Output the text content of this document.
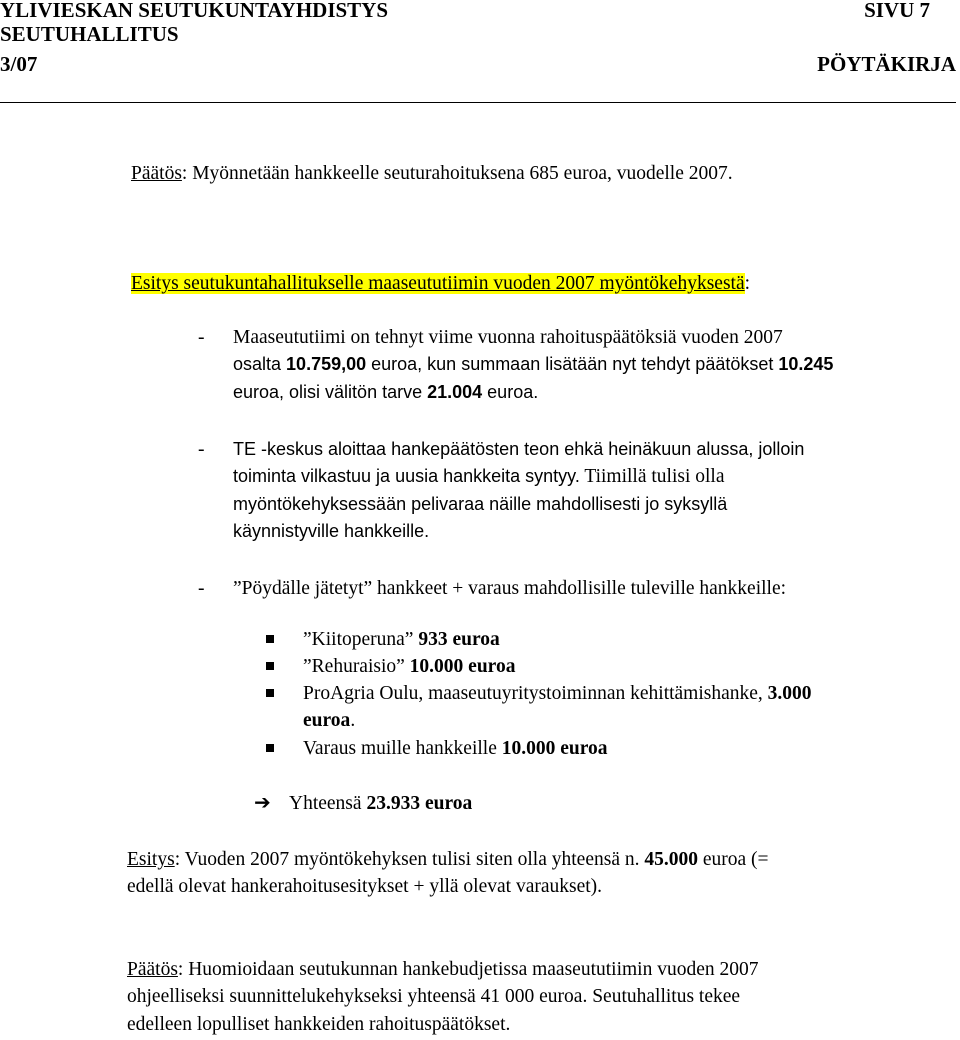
YLIVIESKAN SEUTUKUNTAYHDISTYS	SIVU 7
SEUTUHALLITUS
3/07	PÖYTÄKIRJA
Päätös: Myönnetään hankkeelle seuturahoituksena 685 euroa, vuodelle 2007.
Esitys seutukuntahallitukselle maaseututiimin vuoden 2007 myöntökehyksestä:
- Maaseututiimi on tehnyt viime vuonna rahoituspäätöksiä vuoden 2007
osalta 10.759,00 euroa, kun summaan lisätään nyt tehdyt päätökset 10.245
euroa, olisi välitön tarve 21.004 euroa.
- TE -keskus aloittaa hankepäätösten teon ehkä heinäkuun alussa, jolloin
toiminta vilkastuu ja uusia hankkeita syntyy. Tiimillä tulisi olla
myöntökehyksessään pelivaraa näille mahdollisesti jo syksyllä
käynnistyville hankkeille.
- ”Pöydälle jätetyt” hankkeet + varaus mahdollisille tuleville hankkeille:
”Kiitoperuna” 933 euroa
”Rehuraisio” 10.000 euroa
ProAgria Oulu, maaseutuyritystoiminnan kehittämishanke, 3.000
euroa.
Varaus muille hankkeille 10.000 euroa
➔ Yhteensä 23.933 euroa
Esitys: Vuoden 2007 myöntökehyksen tulisi siten olla yhteensä n. 45.000 euroa (=
edellä olevat hankerahoitusesitykset + yllä olevat varaukset).
Päätös: Huomioidaan seutukunnan hankebudjetissa maaseututiimin vuoden 2007
ohjeelliseksi suunnittelukehykseksi yhteensä 41 000 euroa. Seutuhallitus tekee
edelleen lopulliset hankkeiden rahoituspäätökset.
